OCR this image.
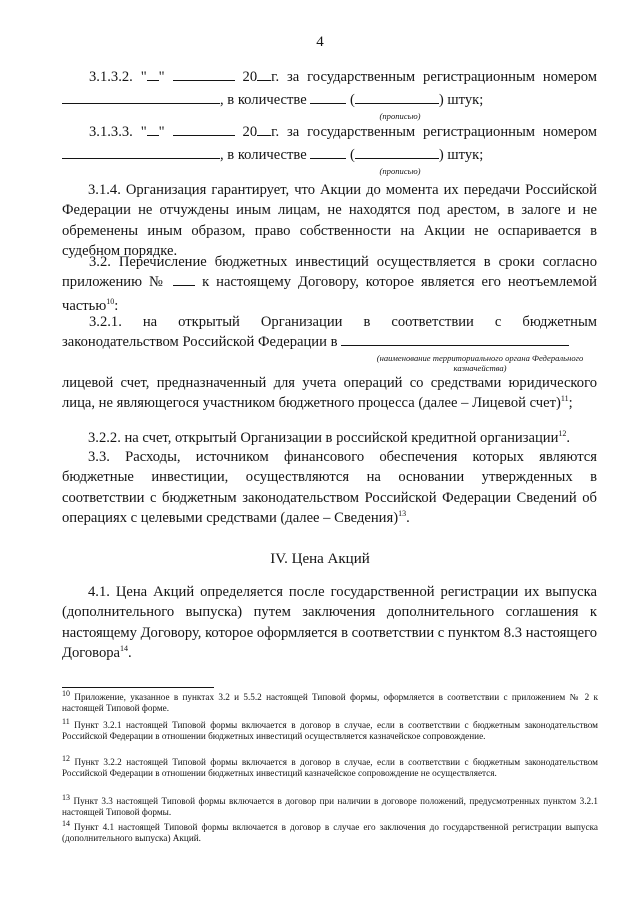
4
3.1.3.2. " "	20 г. за государственным регистрационным номером
, в количестве	(	) штук;
(прописью)
3.1.3.3. " "	20 г. за государственным регистрационным номером
, в количестве	(	) штук;
(прописью)
3.1.4. Организация гарантирует, что Акции до момента их передачи Российской Федерации не отчуждены иным лицам, не находятся под арестом, в залоге и не обременены иным образом, право собственности на Акции не оспаривается в судебном порядке.
3.2. Перечисление бюджетных инвестиций осуществляется в сроки согласно
приложению № к настоящему Договору, которое является его неотъемлемой
частью$^{10}$:
3.2.1. на открытый Организации в соответствии с бюджетным
законодательством Российской Федерации в
(наименование территориального органа Федерального казначейства)
лицевой счет, предназначенный для учета операций со средствами юридического лица, не являющегося участником бюджетного процесса (далее – Лицевой счет)$^{11}$;
3.2.2. на счет, открытый Организации в российской кредитной организации$^{12}$.
3.3. Расходы, источником финансового обеспечения которых являются бюджетные инвестиции, осуществляются на основании утвержденных в соответствии с бюджетным законодательством Российской Федерации Сведений об операциях с целевыми средствами (далее – Сведения)$^{13}$.
IV. Цена Акций
4.1. Цена Акций определяется после государственной регистрации их выпуска (дополнительного выпуска) путем заключения дополнительного соглашения к настоящему Договору, которое оформляется в соответствии с пунктом 8.3 настоящего Договора$^{14}$.
$^{10}$ Приложение, указанное в пунктах 3.2 и 5.5.2 настоящей Типовой формы, оформляется в соответствии с приложением № 2 к настоящей Типовой форме.
$^{11}$ Пункт 3.2.1 настоящей Типовой формы включается в договор в случае, если в соответствии с бюджетным законодательством Российской Федерации в отношении бюджетных инвестиций осуществляется казначейское сопровождение.
$^{12}$ Пункт 3.2.2 настоящей Типовой формы включается в договор в случае, если в соответствии с бюджетным законодательством Российской Федерации в отношении бюджетных инвестиций казначейское сопровождение не осуществляется.
$^{13}$ Пункт 3.3 настоящей Типовой формы включается в договор при наличии в договоре положений, предусмотренных пунктом 3.2.1 настоящей Типовой формы.
$^{14}$ Пункт 4.1 настоящей Типовой формы включается в договор в случае его заключения до государственной регистрации выпуска (дополнительного выпуска) Акций.
